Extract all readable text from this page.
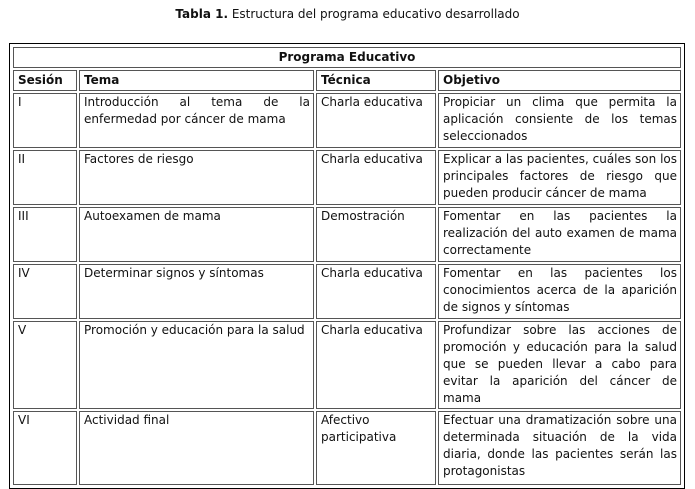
Tabla 1. Estructura del programa educativo desarrollado
Programa Educativo			
Sesión	Tema	Técnica	Objetivo
I	Introducción al tema de la enfermedad por cáncer de mama	Charla educativa	Propiciar un clima que permita la aplicación consiente de los temas seleccionados
II	Factores de riesgo	Charla educativa	Explicar a las pacientes, cuáles son los principales factores de riesgo que pueden producir cáncer de mama
III	Autoexamen de mama	Demostración	Fomentar en las pacientes la realización del auto examen de mama correctamente
IV	Determinar signos y síntomas	Charla educativa	Fomentar en las pacientes los conocimientos acerca de la aparición de signos y síntomas
V	Promoción y educación para la salud	Charla educativa	Profundizar sobre las acciones de promoción y educación para la salud que se pueden llevar a cabo para evitar la aparición del cáncer de mama
VI	Actividad final	Afectivo participativa	Efectuar una dramatización sobre una determinada situación de la vida diaria, donde las pacientes serán las protagonistas
